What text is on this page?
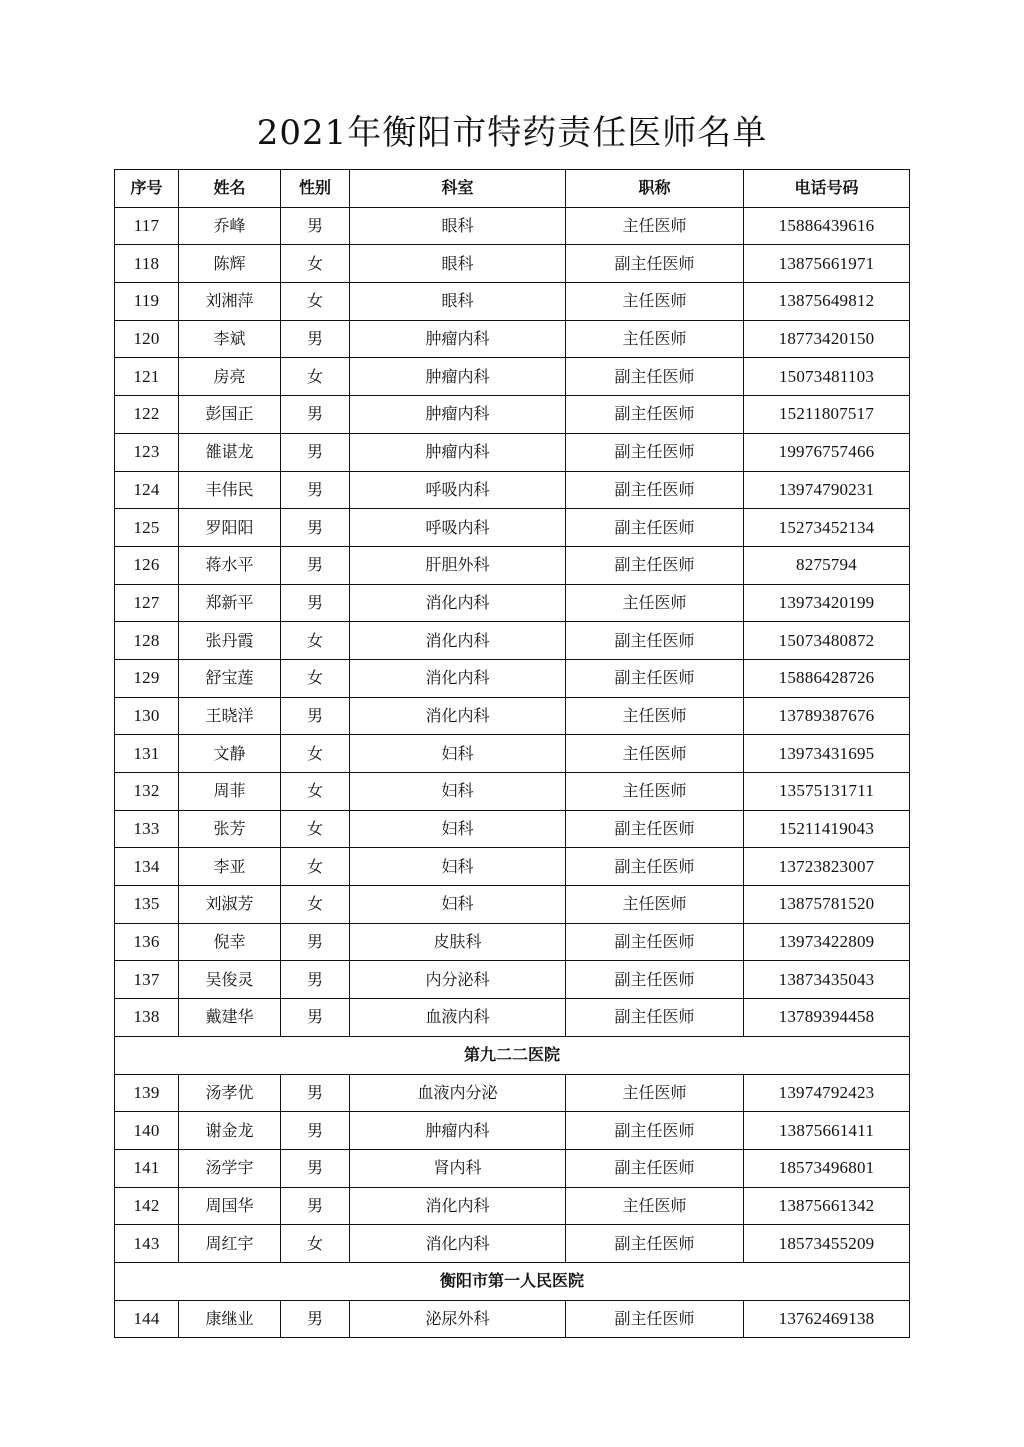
2021年衡阳市特药责任医师名单
序号	姓名	性别	科室	职称	电话号码
117	乔峰	男	眼科	主任医师	15886439616
118	陈辉	女	眼科	副主任医师	13875661971
119	刘湘萍	女	眼科	主任医师	13875649812
120	李斌	男	肿瘤内科	主任医师	18773420150
121	房亮	女	肿瘤内科	副主任医师	15073481103
122	彭国正	男	肿瘤内科	副主任医师	15211807517
123	雒谌龙	男	肿瘤内科	副主任医师	19976757466
124	丰伟民	男	呼吸内科	副主任医师	13974790231
125	罗阳阳	男	呼吸内科	副主任医师	15273452134
126	蒋水平	男	肝胆外科	副主任医师	8275794
127	郑新平	男	消化内科	主任医师	13973420199
128	张丹霞	女	消化内科	副主任医师	15073480872
129	舒宝莲	女	消化内科	副主任医师	15886428726
130	王晓洋	男	消化内科	主任医师	13789387676
131	文静	女	妇科	主任医师	13973431695
132	周菲	女	妇科	主任医师	13575131711
133	张芳	女	妇科	副主任医师	15211419043
134	李亚	女	妇科	副主任医师	13723823007
135	刘淑芳	女	妇科	主任医师	13875781520
136	倪幸	男	皮肤科	副主任医师	13973422809
137	吴俊灵	男	内分泌科	副主任医师	13873435043
138	戴建华	男	血液内科	副主任医师	13789394458
第九二二医院					
139	汤孝优	男	血液内分泌	主任医师	13974792423
140	谢金龙	男	肿瘤内科	副主任医师	13875661411
141	汤学宇	男	肾内科	副主任医师	18573496801
142	周国华	男	消化内科	主任医师	13875661342
143	周红宇	女	消化内科	副主任医师	18573455209
衡阳市第一人民医院					
144	康继业	男	泌尿外科	副主任医师	13762469138
